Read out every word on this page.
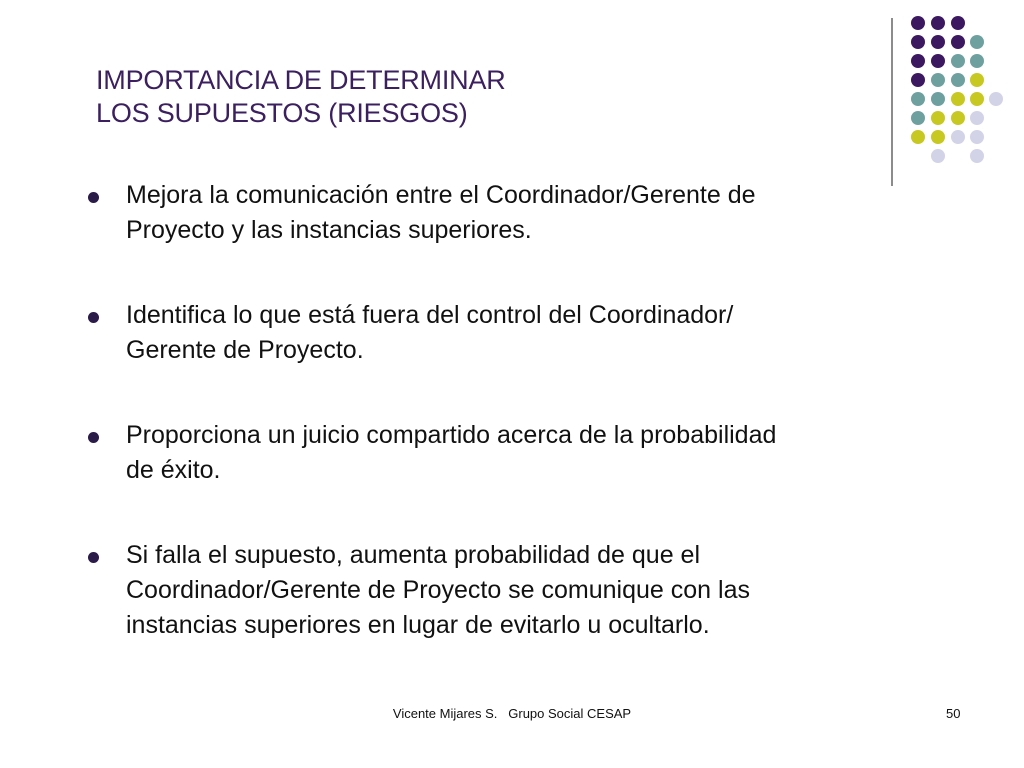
IMPORTANCIA DE DETERMINAR
LOS SUPUESTOS (RIESGOS)
Mejora la comunicación entre el Coordinador/Gerente de
Proyecto y las instancias superiores.
Identifica lo que está fuera del control del Coordinador/
Gerente de Proyecto.
Proporciona un juicio compartido acerca de la probabilidad
de éxito.
Si falla el supuesto, aumenta probabilidad de que el
Coordinador/Gerente de Proyecto se comunique con las
instancias superiores en lugar de evitarlo u ocultarlo.
Vicente Mijares S.   Grupo Social CESAP	50
